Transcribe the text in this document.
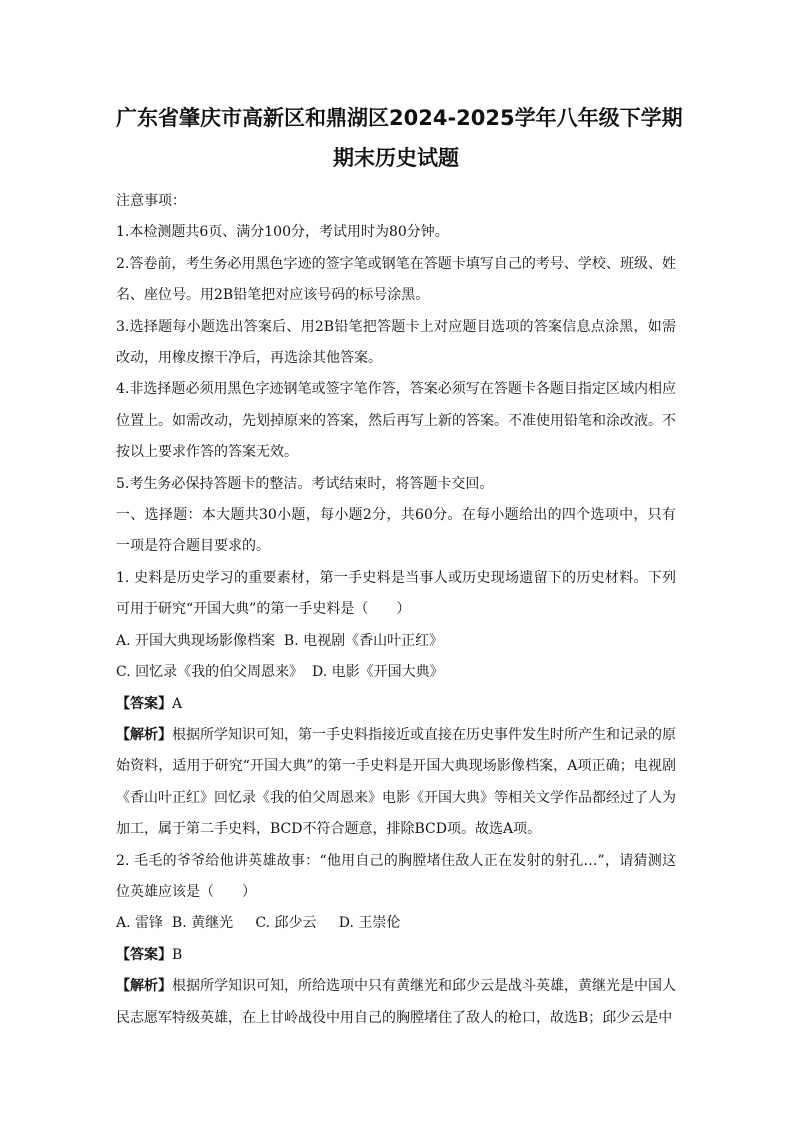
广东省肇庆市高新区和鼎湖区2024-2025学年八年级下学期
期末历史试题

注意事项：

1.本检测题共6页、满分100分，考试用时为80分钟。

2.答卷前，考生务必用黑色字迹的签字笔或钢笔在答题卡填写自己的考号、学校、班级、姓名、座位号。用2B铅笔把对应该号码的标号涂黑。

3.选择题每小题选出答案后、用2B铅笔把答题卡上对应题目选项的答案信息点涂黑，如需改动，用橡皮擦干净后，再选涂其他答案。

4.非选择题必须用黑色字迹钢笔或签字笔作答，答案必须写在答题卡各题目指定区域内相应位置上。如需改动，先划掉原来的答案，然后再写上新的答案。不准使用铅笔和涂改液。不按以上要求作答的答案无效。

5.考生务必保持答题卡的整洁。考试结束时，将答题卡交回。

一、选择题：本大题共30小题，每小题2分，共60分。在每小题给出的四个选项中，只有一项是符合题目要求的。

1. 史料是历史学习的重要素材，第一手史料是当事人或历史现场遗留下的历史材料。下列可用于研究“开国大典”的第一手史料是（　　）

A. 开国大典现场影像档案  B. 电视剧《香山叶正红》

C. 回忆录《我的伯父周恩来》  D. 电影《开国大典》

【答案】A

【解析】根据所学知识可知，第一手史料指接近或直接在历史事件发生时所产生和记录的原始资料，适用于研究“开国大典”的第一手史料是开国大典现场影像档案，A项正确；电视剧《香山叶正红》回忆录《我的伯父周恩来》电影《开国大典》等相关文学作品都经过了人为加工，属于第二手史料，BCD不符合题意，排除BCD项。故选A项。

2. 毛毛的爷爷给他讲英雄故事：“他用自己的胸膛堵住敌人正在发射的射孔…”，请猜测这位英雄应该是（　　）

A. 雷锋  B. 黄继光     C. 邱少云     D. 王崇伦

【答案】B

【解析】根据所学知识可知，所给选项中只有黄继光和邱少云是战斗英雄，黄继光是中国人民志愿军特级英雄，在上甘岭战役中用自己的胸膛堵住了敌人的枪口，故选B；邱少云是中
